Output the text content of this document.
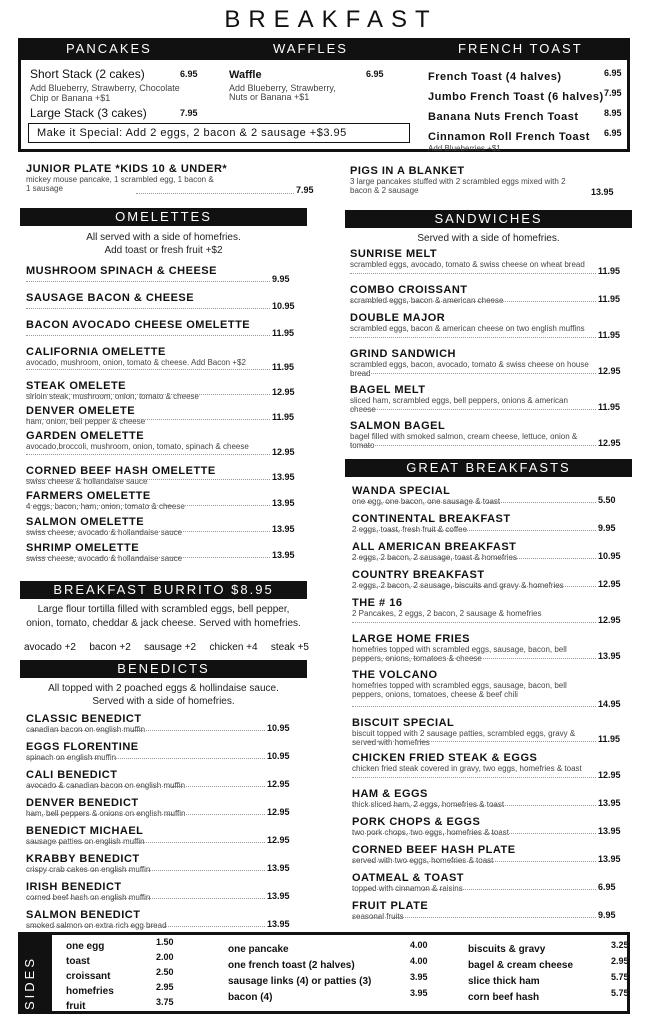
BREAKFAST
PANCAKES	WAFFLES	FRENCH TOAST
Short Stack (2 cakes)	6.95
Add Blueberry, Strawberry, Chocolate Chip or Banana +$1
Large Stack (3 cakes)	7.95
Waffle	6.95
Add Blueberry, Strawberry, Nuts or Banana +$1
French Toast (4 halves)	6.95
Jumbo French Toast (6 halves) 7.95
Banana Nuts French Toast	8.95
Cinnamon Roll French Toast 6.95
Add Blueberries +$1
Make it Special: Add 2 eggs, 2 bacon & 2 sausage +$3.95
JUNIOR PLATE *KIDS 10 & UNDER*
mickey mouse pancake, 1 scrambled egg, 1 bacon & 1 sausage	7.95
PIGS IN A BLANKET
3 large pancakes stuffed with 2 scrambled eggs mixed with 2 bacon & 2 sausage	13.95
OMELETTES
All served with a side of homefries.
Add toast or fresh fruit +$2
MUSHROOM SPINACH & CHEESE
9.95
SAUSAGE BACON & CHEESE
10.95
BACON AVOCADO CHEESE OMELETTE
11.95
CALIFORNIA OMELETTE
avocado, mushroom, onion, tomato & cheese. Add Bacon +$2	11.95
STEAK OMELETE
sirloin steak, mushroom, onion, tomato & cheese	12.95
DENVER OMELETE
ham, onion, bell pepper & cheese	11.95
GARDEN OMELETTE
avocado,broccoli, mushroom, onion, tomato, spinach & cheese
12.95
CORNED BEEF HASH OMELETTE
swiss cheese & hollandaise sauce	13.95
FARMERS OMELETTE
4 eggs, bacon, ham, onion, tomato & cheese	13.95
SALMON OMELETTE
swiss cheese, avocado & hollandaise sauce	13.95
SHRIMP OMELETTE
swiss cheese, avocado & hollandaise sauce	13.95
BREAKFAST BURRITO $8.95
Large flour tortilla filled with scrambled eggs, bell pepper,
onion, tomato, cheddar & jack cheese. Served with homefries.
avocado +2 bacon +2 sausage +2 chicken +4 steak +5
BENEDICTS
All topped with 2 poached eggs & hollindaise sauce.
Served with a side of homefries.
CLASSIC BENEDICT
canadian bacon on english muffin	10.95
EGGS FLORENTINE
spinach on english muffin	10.95
CALI BENEDICT
avocado & canadian bacon on english muffin	12.95
DENVER BENEDICT
ham, bell peppers & onions on english muffin	12.95
BENEDICT MICHAEL
sausage patties on english muffin	12.95
KRABBY BENEDICT
crispy crab cakes on english muffin	13.95
IRISH BENEDICT
corned beef hash on english muffin	13.95
SALMON BENEDICT
smoked salmon on extra rich egg bread	13.95
SANDWICHES
Served with a side of homefries.
SUNRISE MELT
scrambled eggs, avocado, tomato & swiss cheese on wheat bread
11.95
COMBO CROISSANT
scrambled eggs, bacon & american cheese	11.95
DOUBLE MAJOR
scrambled eggs, bacon & american cheese on two english muffins
11.95
GRIND SANDWICH
scrambled eggs, bacon, avocado, tomato & swiss cheese on house bread	12.95
BAGEL MELT
sliced ham, scrambled eggs, bell peppers, onions & american cheese	11.95
SALMON BAGEL
bagel filled with smoked salmon, cream cheese, lettuce, onion & tomato	12.95
GREAT BREAKFASTS
WANDA SPECIAL
one egg, one bacon, one sausage & toast	5.50
CONTINENTAL BREAKFAST
2 eggs, toast, fresh fruit & coffee	9.95
ALL AMERICAN BREAKFAST
2 eggs, 2 bacon, 2 sausage, toast & homefries	10.95
COUNTRY BREAKFAST
2 eggs, 2 bacon, 2 sausage, biscuits and gravy & homefries	12.95
THE # 16
2 Pancakes, 2 eggs, 2 bacon, 2 sausage & homefries
12.95
LARGE HOME FRIES
homefries topped with scrambled eggs, sausage, bacon, bell peppers, onions, tomatoes & cheese	13.95
THE VOLCANO
homefries topped with scrambled eggs, sausage, bacon, bell peppers, onions, tomatoes, cheese & beef chili
14.95
BISCUIT SPECIAL
biscuit topped with 2 sausage patties, scrambled eggs, gravy & served with homefries	11.95
CHICKEN FRIED STEAK & EGGS
chicken fried steak covered in gravy, two eggs, homefries & toast
12.95
HAM & EGGS
thick sliced ham, 2 eggs, homefries & toast	13.95
PORK CHOPS & EGGS
two pork chops, two eggs, homefries & toast	13.95
CORNED BEEF HASH PLATE
served with two eggs, homefries & toast	13.95
OATMEAL & TOAST
topped with cinnamon & raisins	6.95
FRUIT PLATE
seasonal fruits	9.95
SIDES
one egg	1.50
toast	2.00
croissant	2.50
homefries	2.95
fruit	3.75
one pancake	4.00
one french toast (2 halves)	4.00
sausage links (4) or patties (3)	3.95
bacon (4)	3.95
biscuits & gravy	3.25
bagel & cream cheese	2.95
slice thick ham	5.75
corn beef hash	5.75
